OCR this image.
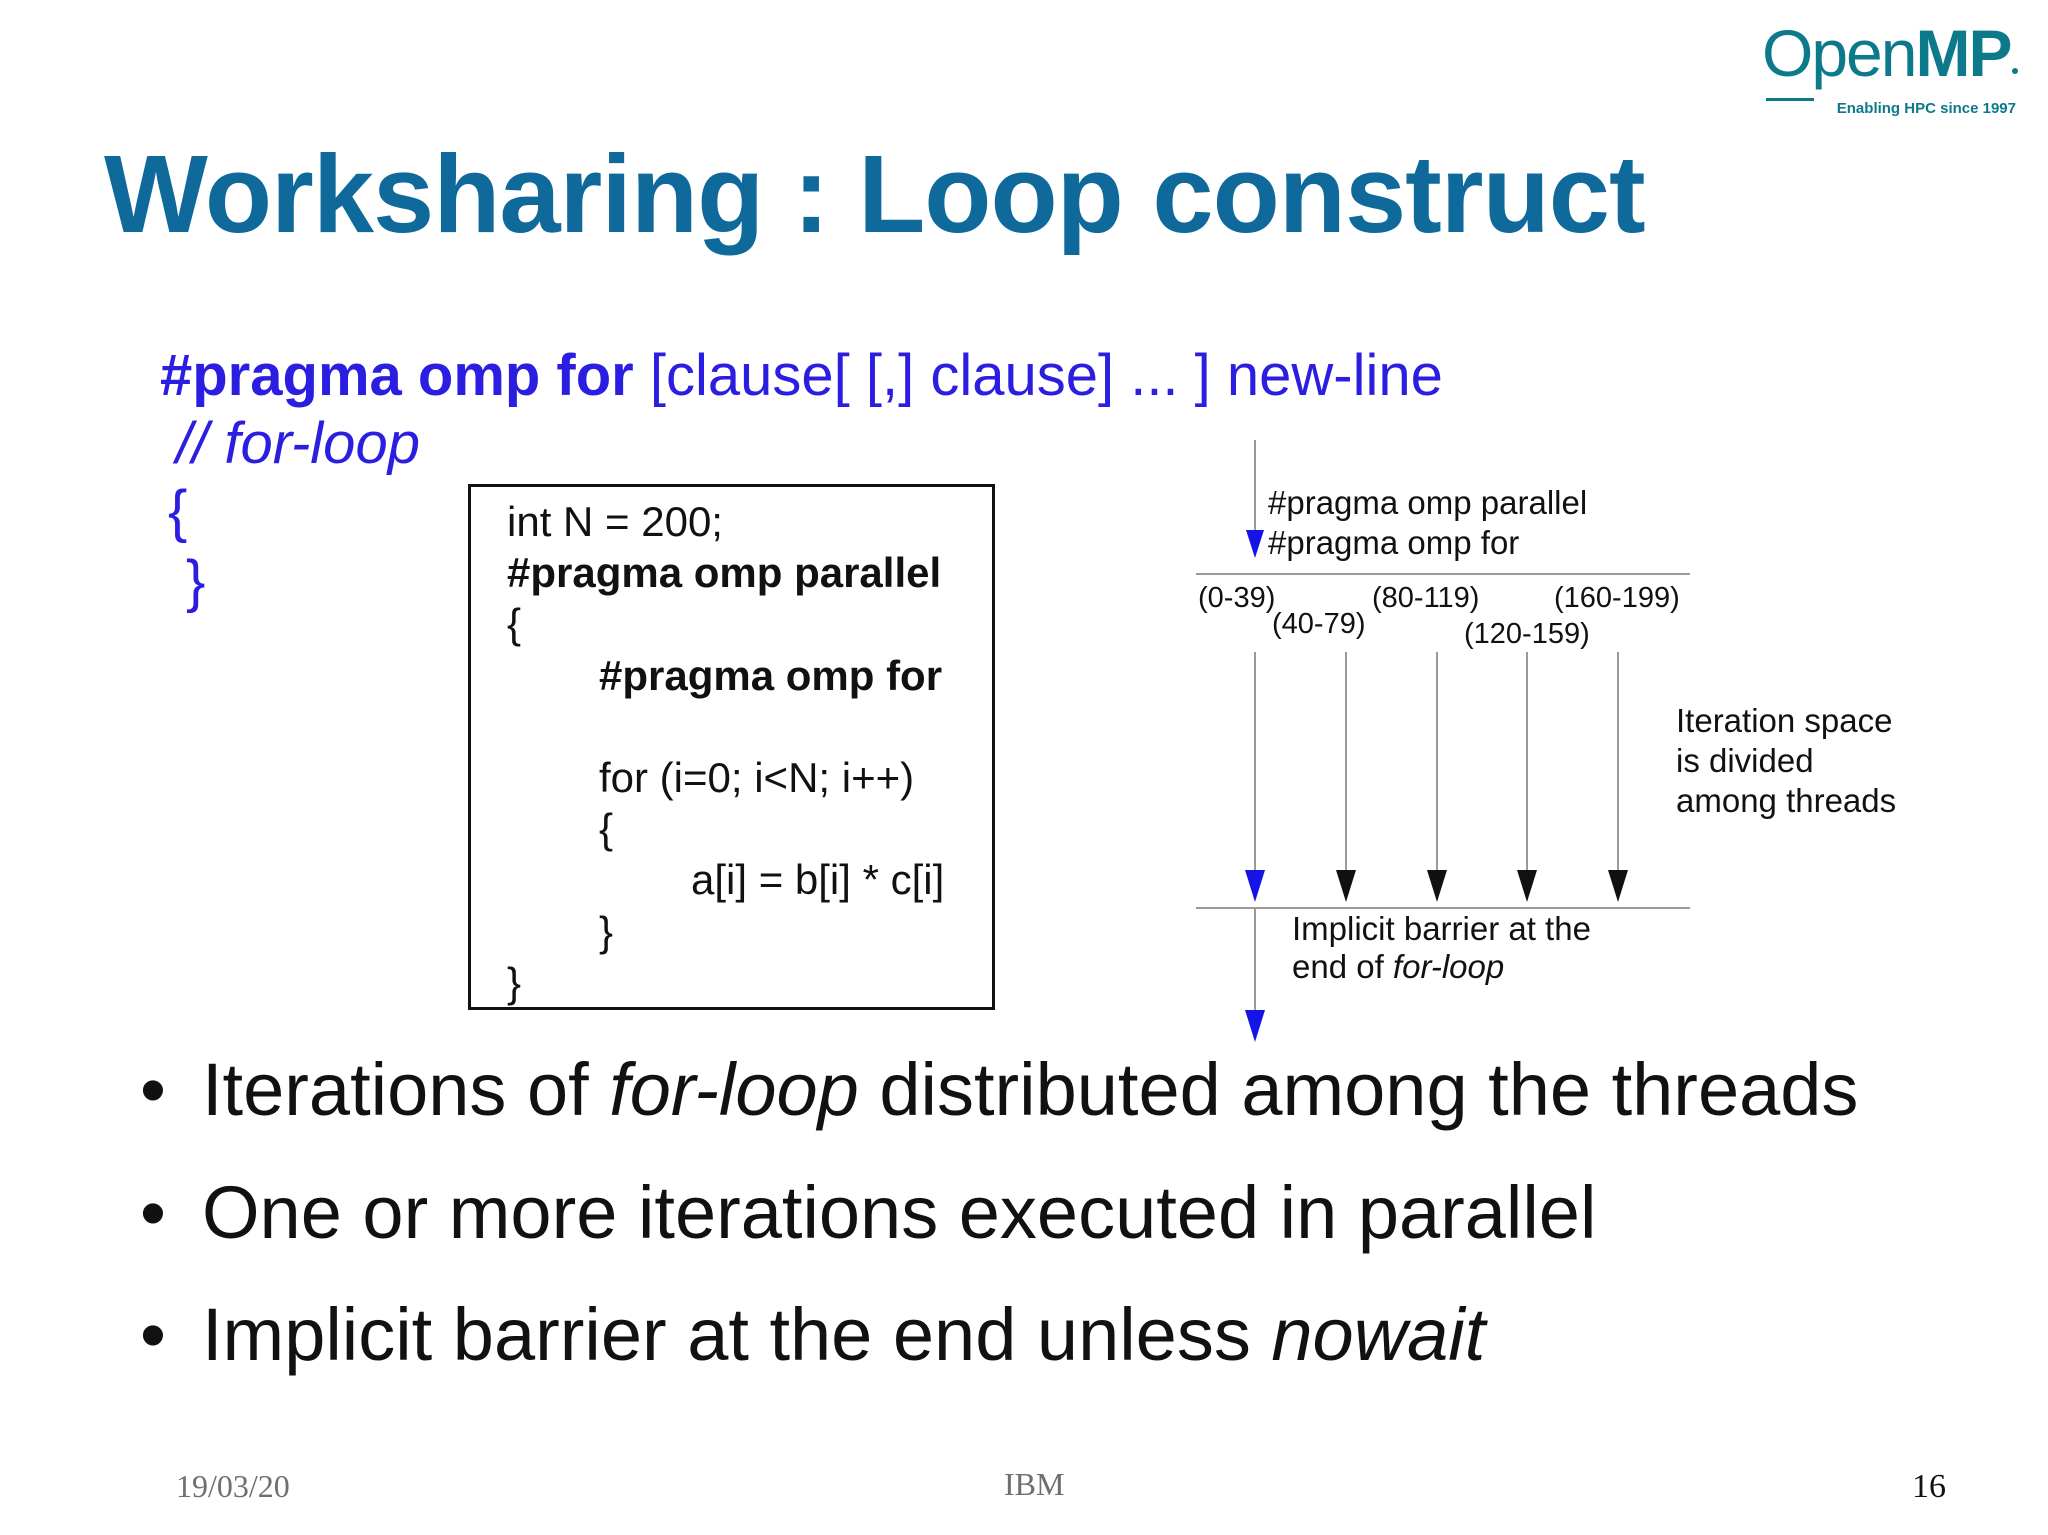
OpenMP
Enabling HPC since 1997
Worksharing : Loop construct
#pragma omp for [clause[ [,] clause] ... ] new-line
// for-loop
{
}
int N = 200;
#pragma omp parallel
{
#pragma omp for
for (i=0; i<N; i++)
{
a[i] = b[i] * c[i]
}
}
#pragma omp parallel
#pragma omp for
(0-39)
(40-79)
(80-119)
(120-159)
(160-199)
Implicit barrier at the
end of for-loop
Iteration space
is divided
among threads
• Iterations of for-loop distributed among the threads
• One or more iterations executed in parallel
• Implicit barrier at the end unless nowait
19/03/20	IBM	16
